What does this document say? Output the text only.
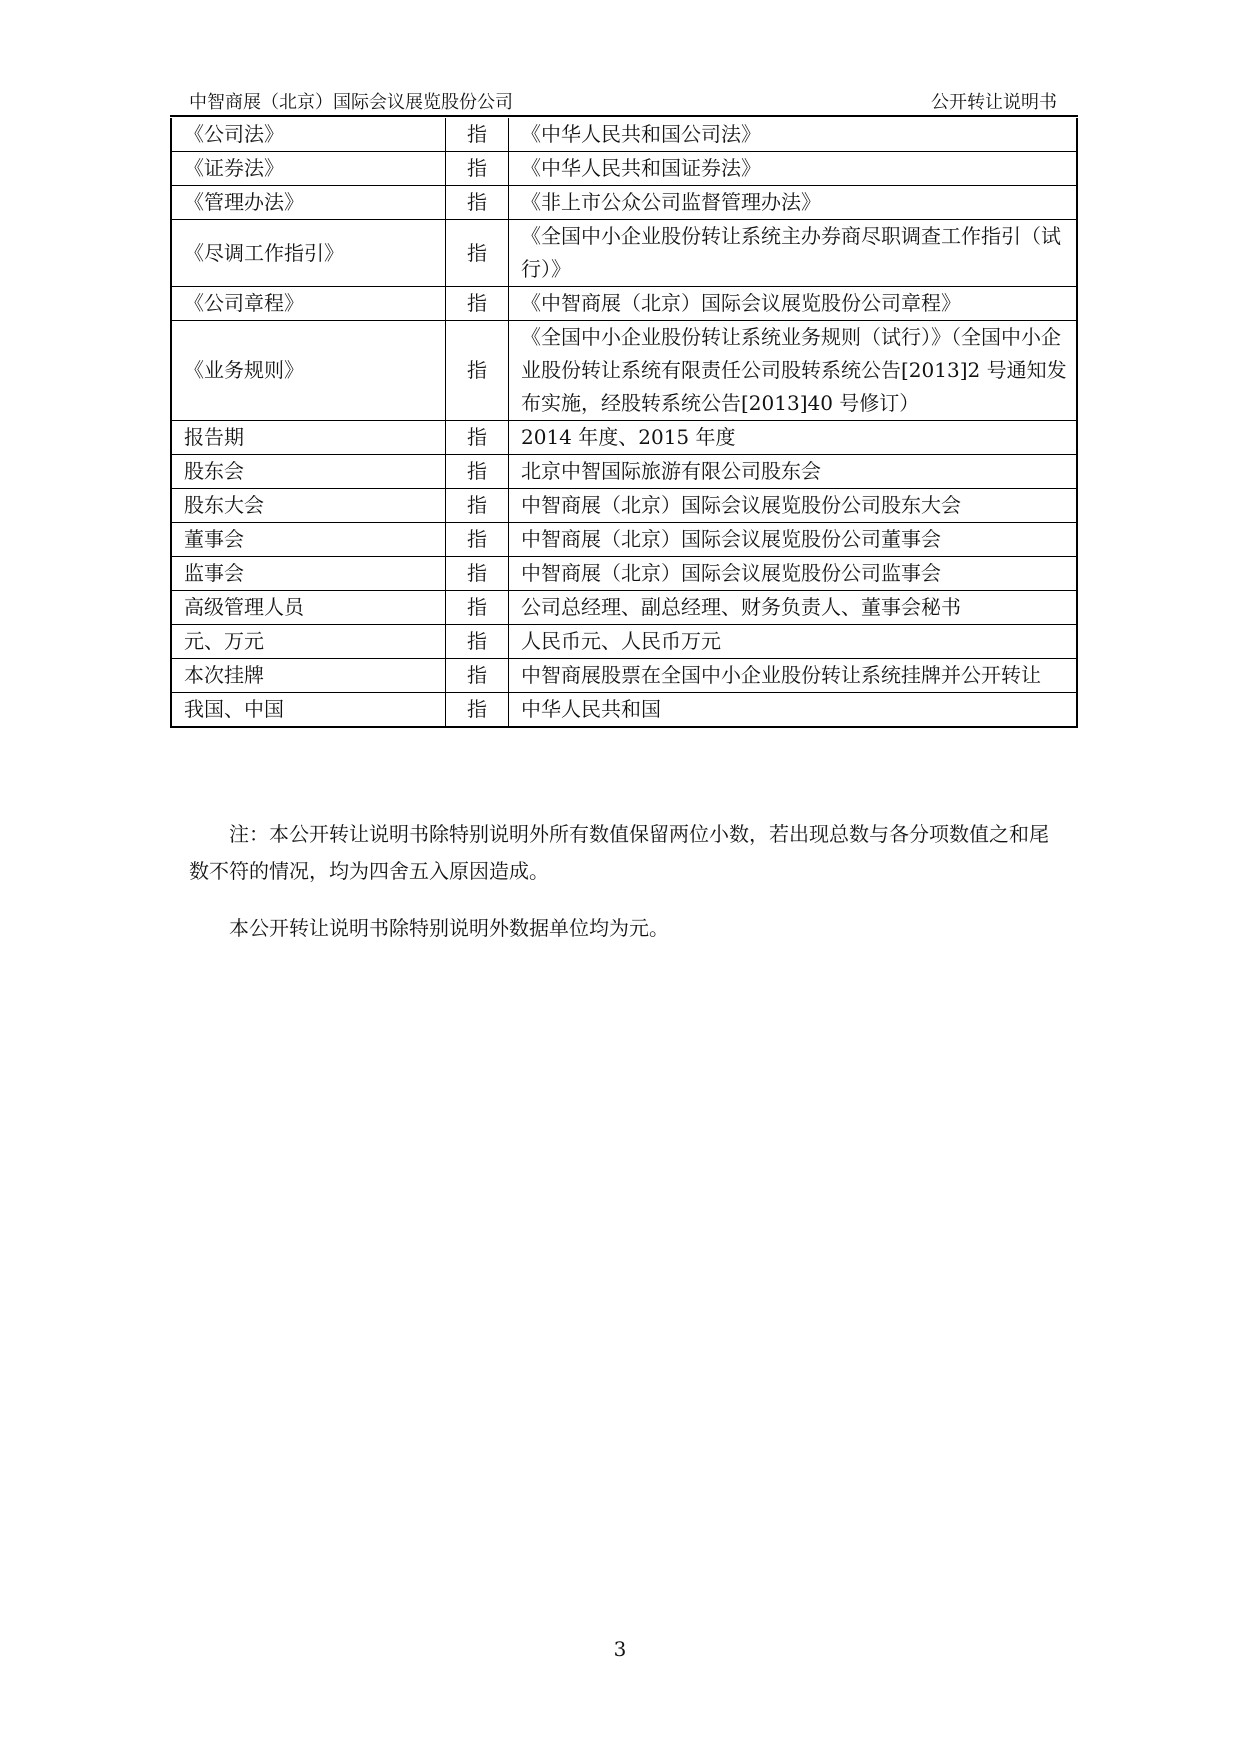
中智商展（北京）国际会议展览股份公司	公开转让说明书
《公司法》	指	《中华人民共和国公司法》
《证券法》	指	《中华人民共和国证券法》
《管理办法》	指	《非上市公众公司监督管理办法》
《尽调工作指引》	指	《全国中小企业股份转让系统主办券商尽职调查工作指引（试行）》
《公司章程》	指	《中智商展（北京）国际会议展览股份公司章程》
《业务规则》	指	《全国中小企业股份转让系统业务规则（试行）》（全国中小企业股份转让系统有限责任公司股转系统公告[2013]2 号通知发布实施，经股转系统公告[2013]40 号修订）
报告期	指	2014 年度、2015 年度
股东会	指	北京中智国际旅游有限公司股东会
股东大会	指	中智商展（北京）国际会议展览股份公司股东大会
董事会	指	中智商展（北京）国际会议展览股份公司董事会
监事会	指	中智商展（北京）国际会议展览股份公司监事会
高级管理人员	指	公司总经理、副总经理、财务负责人、董事会秘书
元、万元	指	人民币元、人民币万元
本次挂牌	指	中智商展股票在全国中小企业股份转让系统挂牌并公开转让
我国、中国	指	中华人民共和国

注：本公开转让说明书除特别说明外所有数值保留两位小数，若出现总数与各分项数值之和尾数不符的情况，均为四舍五入原因造成。

本公开转让说明书除特别说明外数据单位均为元。

3
